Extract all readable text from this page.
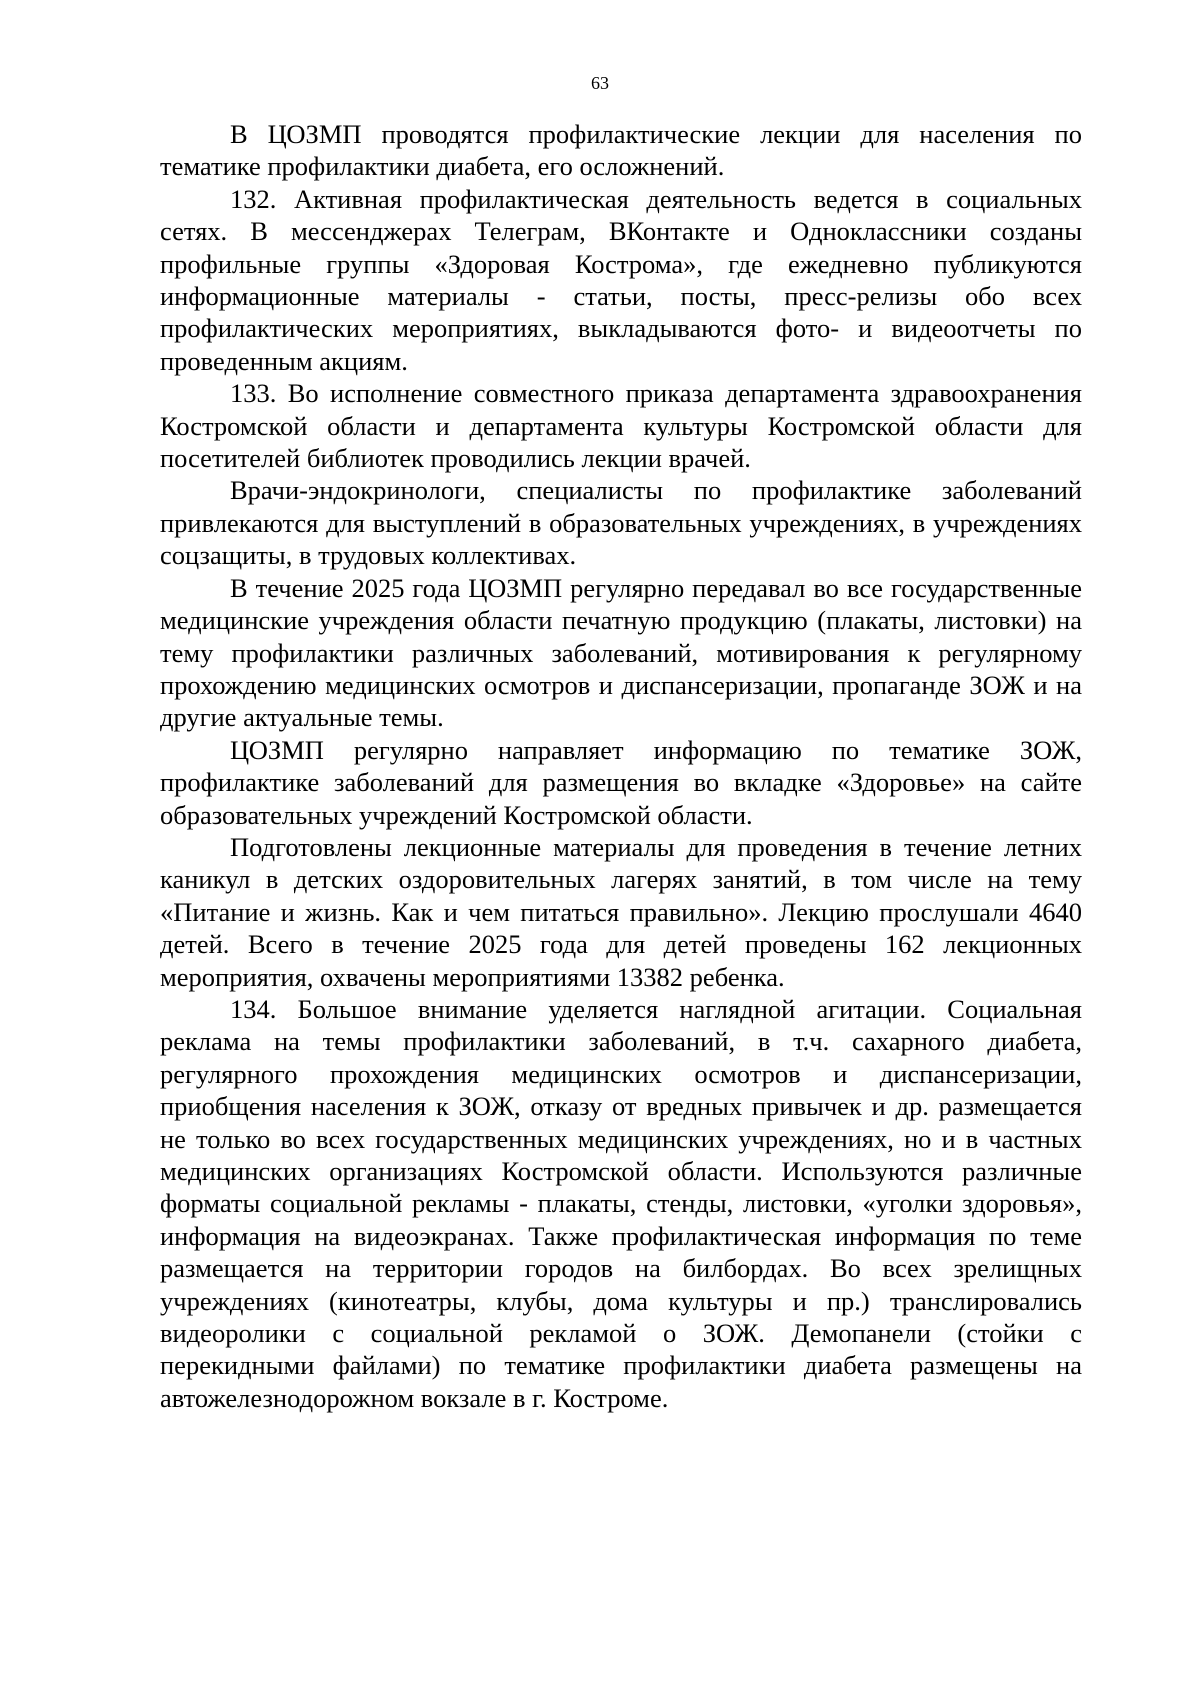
63

В ЦОЗМП проводятся профилактические лекции для населения по тематике профилактики диабета, его осложнений.

132. Активная профилактическая деятельность ведется в социальных сетях. В мессенджерах Телеграм, ВКонтакте и Одноклассники созданы профильные группы «Здоровая Кострома», где ежедневно публикуются информационные материалы - статьи, посты, пресс-релизы обо всех профилактических мероприятиях, выкладываются фото- и видеоотчеты по проведенным акциям.

133. Во исполнение совместного приказа департамента здравоохранения Костромской области и департамента культуры Костромской области для посетителей библиотек проводились лекции врачей.

Врачи-эндокринологи, специалисты по профилактике заболеваний привлекаются для выступлений в образовательных учреждениях, в учреждениях соцзащиты, в трудовых коллективах.

В течение 2025 года ЦОЗМП регулярно передавал во все государственные медицинские учреждения области печатную продукцию (плакаты, листовки) на тему профилактики различных заболеваний, мотивирования к регулярному прохождению медицинских осмотров и диспансеризации, пропаганде ЗОЖ и на другие актуальные темы.

ЦОЗМП регулярно направляет информацию по тематике ЗОЖ, профилактике заболеваний для размещения во вкладке «Здоровье» на сайте образовательных учреждений Костромской области.

Подготовлены лекционные материалы для проведения в течение летних каникул в детских оздоровительных лагерях занятий, в том числе на тему «Питание и жизнь. Как и чем питаться правильно». Лекцию прослушали 4640 детей. Всего в течение 2025 года для детей проведены 162 лекционных мероприятия, охвачены мероприятиями 13382 ребенка.

134. Большое внимание уделяется наглядной агитации. Социальная реклама на темы профилактики заболеваний, в т.ч. сахарного диабета, регулярного прохождения медицинских осмотров и диспансеризации, приобщения населения к ЗОЖ, отказу от вредных привычек и др. размещается не только во всех государственных медицинских учреждениях, но и в частных медицинских организациях Костромской области. Используются различные форматы социальной рекламы - плакаты, стенды, листовки, «уголки здоровья», информация на видеоэкранах. Также профилактическая информация по теме размещается на территории городов на билбордах. Во всех зрелищных учреждениях (кинотеатры, клубы, дома культуры и пр.) транслировались видеоролики с социальной рекламой о ЗОЖ. Демопанели (стойки с перекидными файлами) по тематике профилактики диабета размещены на автожелезнодорожном вокзале в г. Костроме.
